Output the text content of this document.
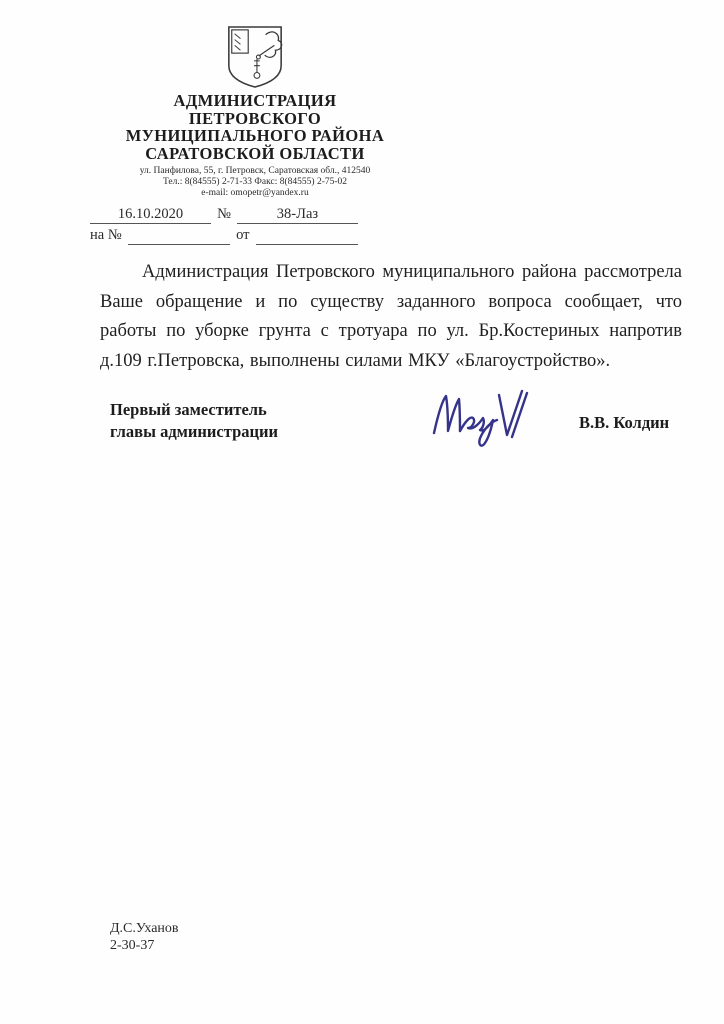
АДМИНИСТРАЦИЯ
ПЕТРОВСКОГО
МУНИЦИПАЛЬНОГО РАЙОНА
САРАТОВСКОЙ ОБЛАСТИ
ул. Панфилова, 55, г. Петровск, Саратовская обл., 412540
Тел.: 8(84555) 2-71-33 Факс: 8(84555) 2-75-02
e-mail: omopetr@yandex.ru
16.10.2020	№	38-Лаз
на №	от

Администрация Петровского муниципального района рассмотрела Ваше обращение и по существу заданного вопроса сообщает, что работы по уборке грунта с тротуара по ул. Бр.Костериных напротив д.109 г.Петровска, выполнены силами МКУ «Благоустройство».

Первый заместитель
главы администрации	В.В. Колдин
Д.С.Уханов
2-30-37
